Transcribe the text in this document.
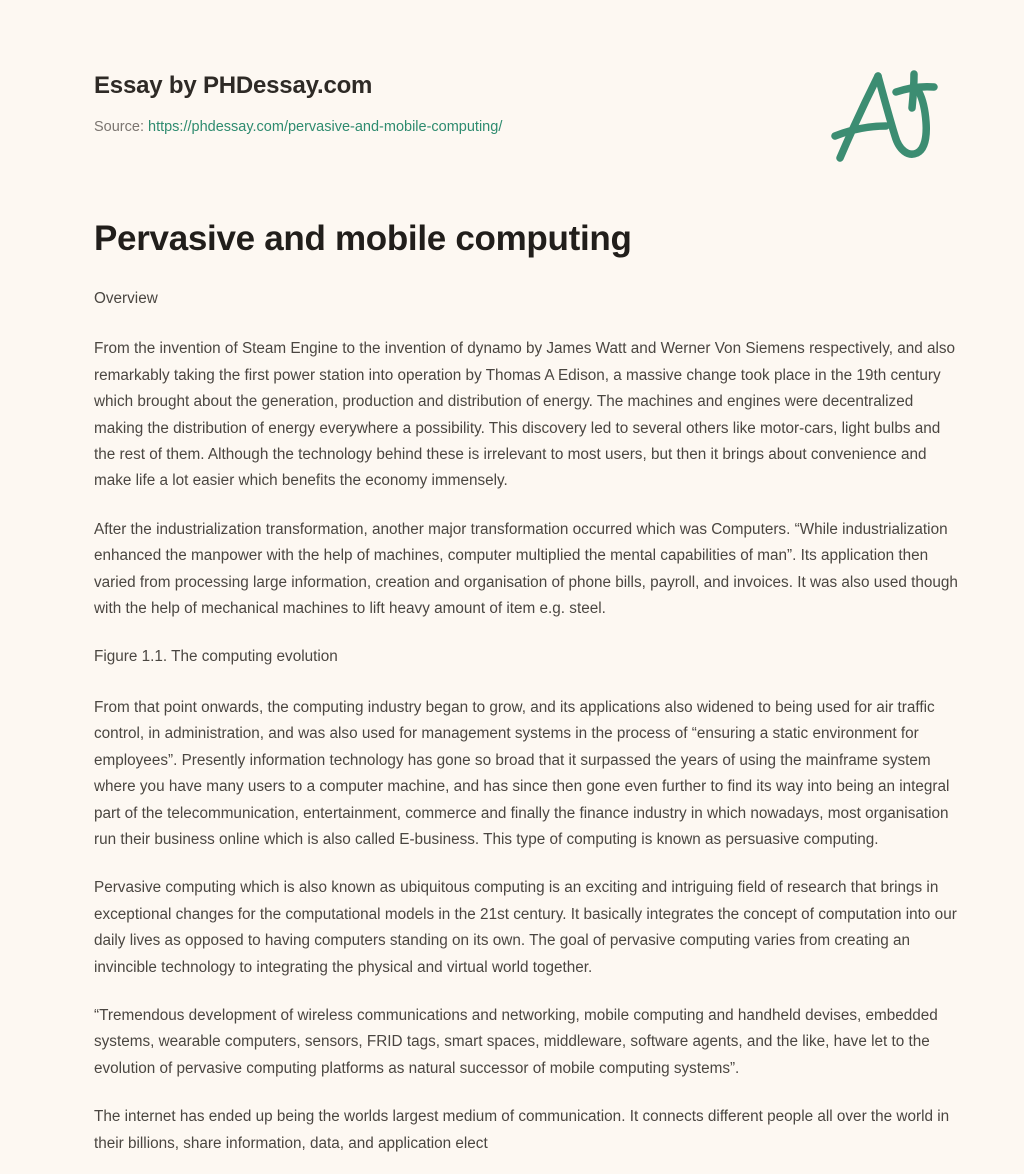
Essay by PHDessay.com
Source: https://phdessay.com/pervasive-and-mobile-computing/
Pervasive and mobile computing

Overview

From the invention of Steam Engine to the invention of dynamo by James Watt and Werner Von Siemens respectively, and also remarkably taking the first power station into operation by Thomas A Edison, a massive change took place in the 19th century which brought about the generation, production and distribution of energy. The machines and engines were decentralized making the distribution of energy everywhere a possibility. This discovery led to several others like motor-cars, light bulbs and the rest of them. Although the technology behind these is irrelevant to most users, but then it brings about convenience and make life a lot easier which benefits the economy immensely.

After the industrialization transformation, another major transformation occurred which was Computers. “While industrialization enhanced the manpower with the help of machines, computer multiplied the mental capabilities of man”. Its application then varied from processing large information, creation and organisation of phone bills, payroll, and invoices. It was also used though with the help of mechanical machines to lift heavy amount of item e.g. steel.

Figure 1.1. The computing evolution

From that point onwards, the computing industry began to grow, and its applications also widened to being used for air traffic control, in administration, and was also used for management systems in the process of “ensuring a static environment for employees”. Presently information technology has gone so broad that it surpassed the years of using the mainframe system where you have many users to a computer machine, and has since then gone even further to find its way into being an integral part of the telecommunication, entertainment, commerce and finally the finance industry in which nowadays, most organisation run their business online which is also called E-business. This type of computing is known as persuasive computing.

Pervasive computing which is also known as ubiquitous computing is an exciting and intriguing field of research that brings in exceptional changes for the computational models in the 21st century. It basically integrates the concept of computation into our daily lives as opposed to having computers standing on its own. The goal of pervasive computing varies from creating an invincible technology to integrating the physical and virtual world together.

“Tremendous development of wireless communications and networking, mobile computing and handheld devises, embedded systems, wearable computers, sensors, FRID tags, smart spaces, middleware, software agents, and the like, have let to the evolution of pervasive computing platforms as natural successor of mobile computing systems”.

The internet has ended up being the worlds largest medium of communication. It connects different people all over the world in their billions, share information, data, and application elect
